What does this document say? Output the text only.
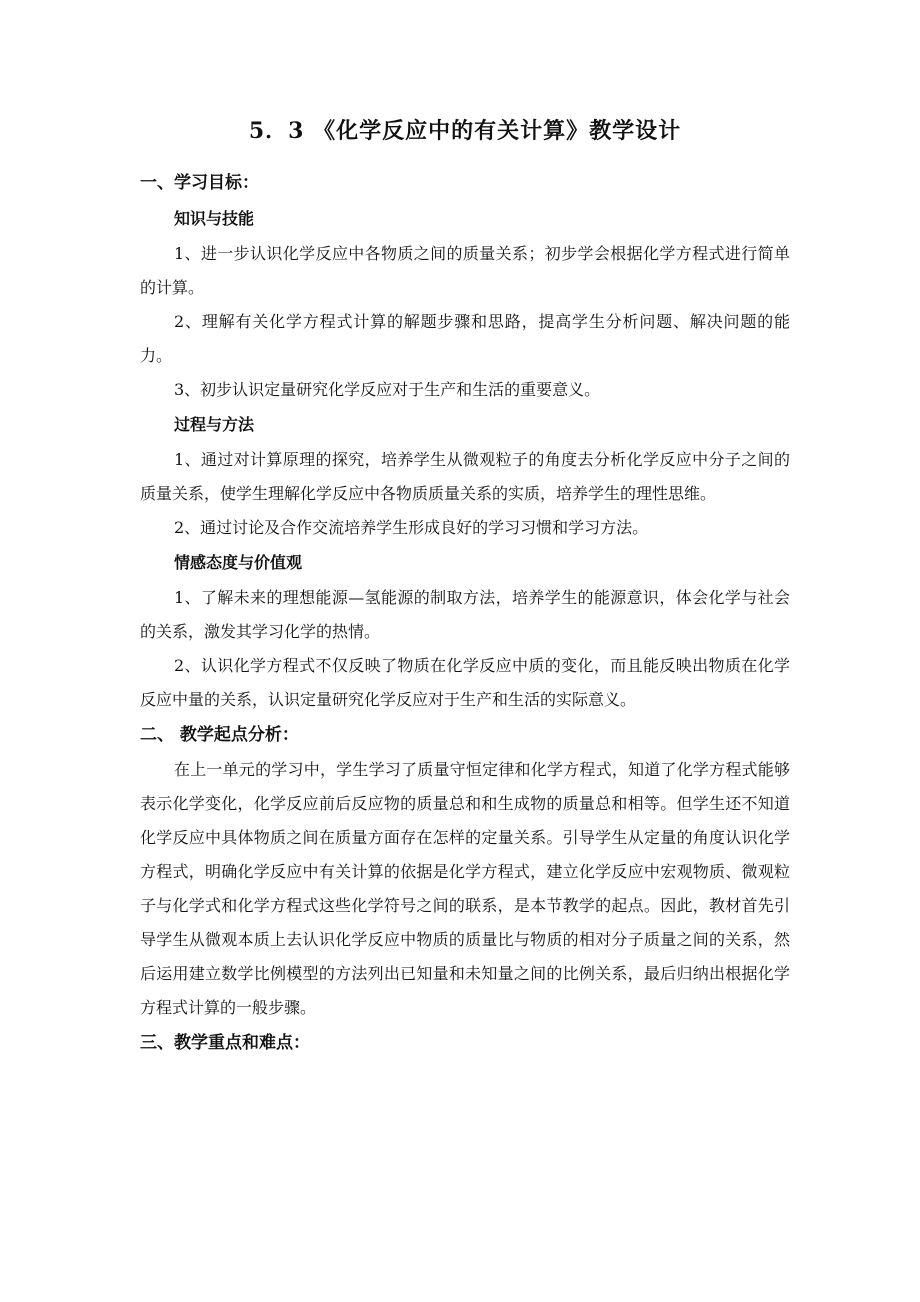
5．3 《化学反应中的有关计算》教学设计

一、学习目标：

知识与技能

1、进一步认识化学反应中各物质之间的质量关系；初步学会根据化学方程式进行简单的计算。

2、理解有关化学方程式计算的解题步骤和思路，提高学生分析问题、解决问题的能力。

3、初步认识定量研究化学反应对于生产和生活的重要意义。

过程与方法

1、通过对计算原理的探究，培养学生从微观粒子的角度去分析化学反应中分子之间的质量关系，使学生理解化学反应中各物质质量关系的实质，培养学生的理性思维。

2、通过讨论及合作交流培养学生形成良好的学习习惯和学习方法。

情感态度与价值观

1、了解未来的理想能源—氢能源的制取方法，培养学生的能源意识，体会化学与社会的关系，激发其学习化学的热情。

2、认识化学方程式不仅反映了物质在化学反应中质的变化，而且能反映出物质在化学反应中量的关系，认识定量研究化学反应对于生产和生活的实际意义。

二、 教学起点分析：

在上一单元的学习中，学生学习了质量守恒定律和化学方程式，知道了化学方程式能够表示化学变化，化学反应前后反应物的质量总和和生成物的质量总和相等。但学生还不知道化学反应中具体物质之间在质量方面存在怎样的定量关系。引导学生从定量的角度认识化学方程式，明确化学反应中有关计算的依据是化学方程式，建立化学反应中宏观物质、微观粒子与化学式和化学方程式这些化学符号之间的联系，是本节教学的起点。因此，教材首先引导学生从微观本质上去认识化学反应中物质的质量比与物质的相对分子质量之间的关系，然后运用建立数学比例模型的方法列出已知量和未知量之间的比例关系，最后归纳出根据化学方程式计算的一般步骤。

三、教学重点和难点：
